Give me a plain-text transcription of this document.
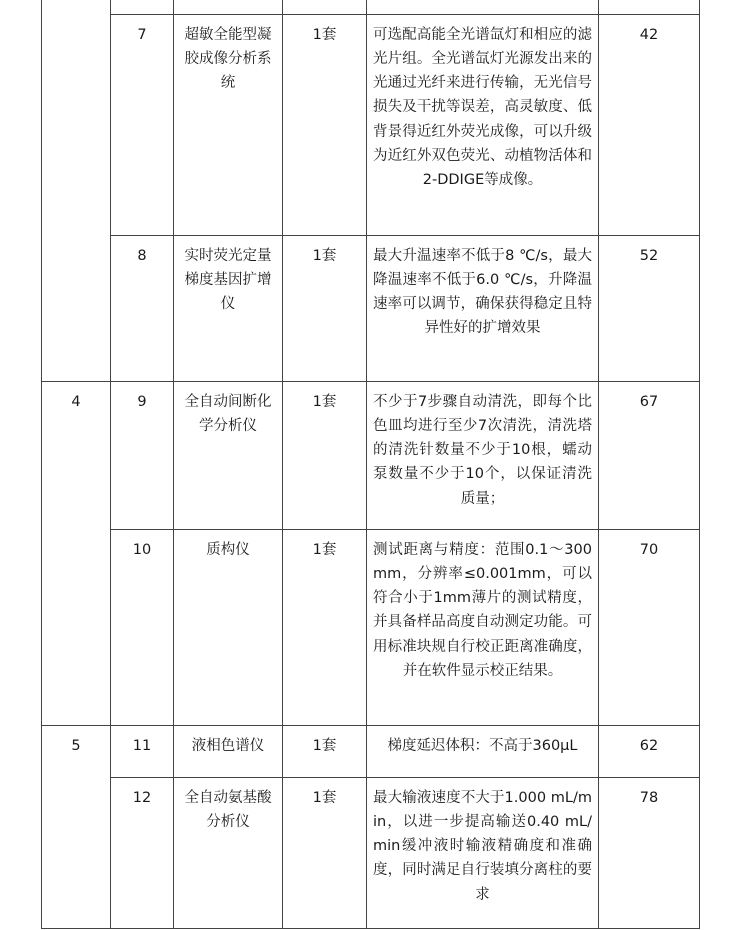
	7	超敏全能型凝胶成像分析系统	1套	可选配高能全光谱氙灯和相应的滤光片组。全光谱氙灯光源发出来的光通过光纤来进行传输，无光信号损失及干扰等误差，高灵敏度、低背景得近红外荧光成像，可以升级为近红外双色荧光、动植物活体和2-DDIGE等成像。	42

	8	实时荧光定量梯度基因扩增仪	1套	最大升温速率不低于8 ℃/s，最大降温速率不低于6.0 ℃/s，升降温速率可以调节，确保获得稳定且特异性好的扩增效果	52

4	9	全自动间断化学分析仪	1套	不少于7步骤自动清洗，即每个比色皿均进行至少7次清洗，清洗塔的清洗针数量不少于10根，蠕动泵数量不少于10个，以保证清洗质量；	67

	10	质构仪	1套	测试距离与精度：范围0.1～300　 mm，分辨率≤0.001mm，可以符合小于1mm薄片的测试精度，并具备样品高度自动测定功能。可用标准块规自行校正距离准确度，并在软件显示校正结果。	70

5	11	液相色谱仪	1套	梯度延迟体积：不高于360μL	62

	12	全自动氨基酸分析仪	1套	最大输液速度不大于1.000 mL/min，以进一步提高输送0.40 mL/min缓冲液时输液精确度和准确度，同时满足自行装填分离柱的要求	78
